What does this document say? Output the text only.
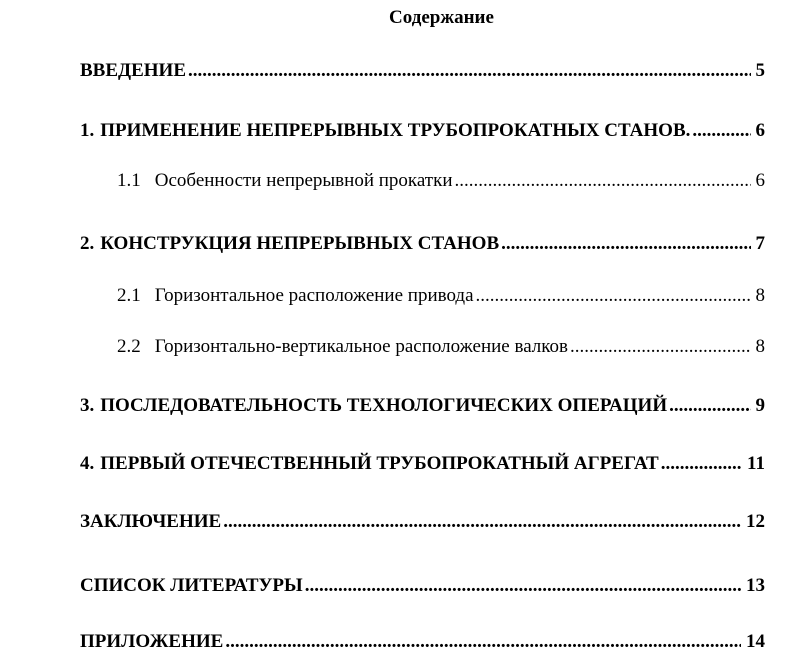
Содержание
ВВЕДЕНИЕ .....	5
1. ПРИМЕНЕНИЕ НЕПРЕРЫВНЫХ ТРУБОПРОКАТНЫХ СТАНОВ. .....	6
1.1 Особенности непрерывной прокатки .....	6
2. КОНСТРУКЦИЯ НЕПРЕРЫВНЫХ СТАНОВ .....	7
2.1 Горизонтальное расположение привода .....	8
2.2 Горизонтально-вертикальное расположение валков .....	8
3. ПОСЛЕДОВАТЕЛЬНОСТЬ ТЕХНОЛОГИЧЕСКИХ ОПЕРАЦИЙ .....	9
4. ПЕРВЫЙ ОТЕЧЕСТВЕННЫЙ ТРУБОПРОКАТНЫЙ АГРЕГАТ .....	11
ЗАКЛЮЧЕНИЕ .....	12
СПИСОК ЛИТЕРАТУРЫ .....	13
ПРИЛОЖЕНИЕ .....	14
